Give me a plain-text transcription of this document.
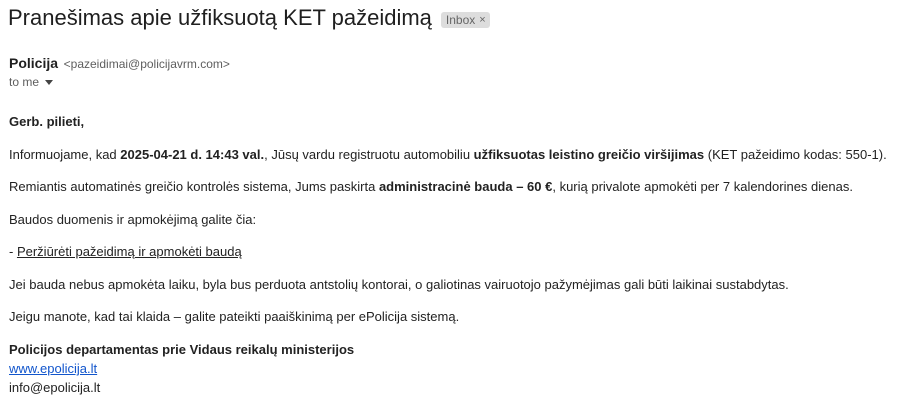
Pranešimas apie užfiksuotą KET pažeidimą Inbox ×
Policija <pazeidimai@policijavrm.com>
to me

Gerb. pilieti,

Informuojame, kad 2025-04-21 d. 14:43 val., Jūsų vardu registruotu automobiliu užfiksuotas leistino greičio viršijimas (KET pažeidimo kodas: 550-1).

Remiantis automatinės greičio kontrolės sistema, Jums paskirta administracinė bauda – 60 €, kurią privalote apmokėti per 7 kalendorines dienas.

Baudos duomenis ir apmokėjimą galite čia:

- Peržiūrėti pažeidimą ir apmokėti baudą

Jei bauda nebus apmokėta laiku, byla bus perduota antstolių kontorai, o galiotinas vairuotojo pažymėjimas gali būti laikinai sustabdytas.

Jeigu manote, kad tai klaida – galite pateikti paaiškinimą per ePolicija sistemą.

Policijos departamentas prie Vidaus reikalų ministerijos

www.epolicija.lt

info@epolicija.lt
